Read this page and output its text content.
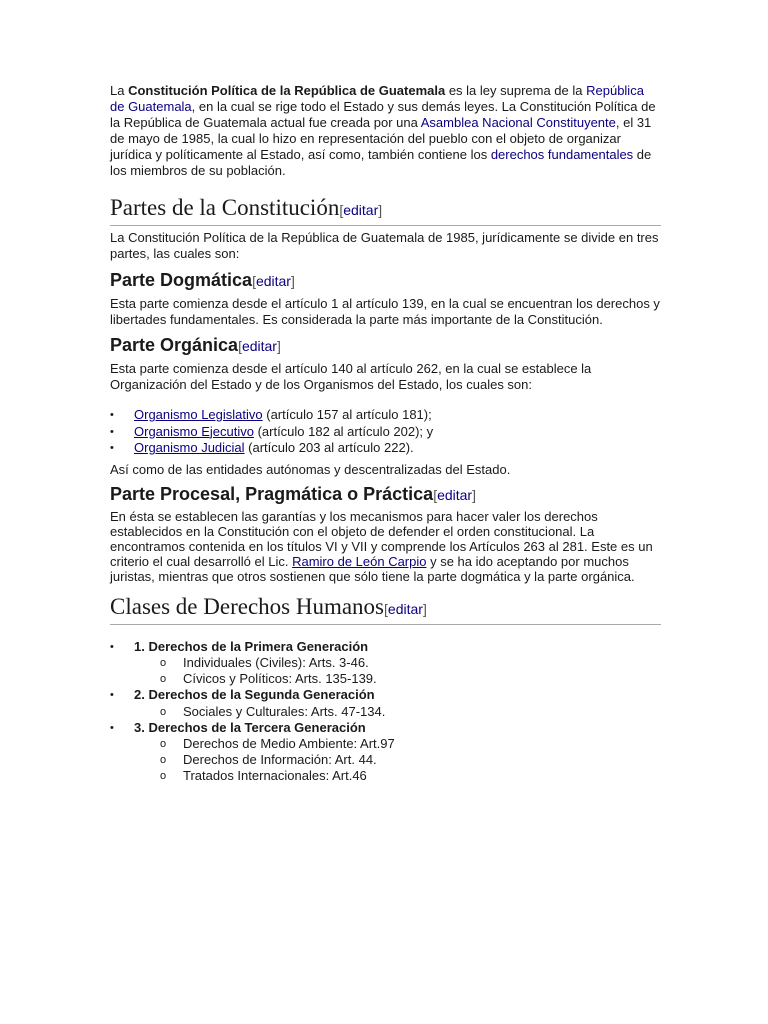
La Constitución Política de la República de Guatemala es la ley suprema de la República de Guatemala, en la cual se rige todo el Estado y sus demás leyes. La Constitución Política de la República de Guatemala actual fue creada por una Asamblea Nacional Constituyente, el 31 de mayo de 1985, la cual lo hizo en representación del pueblo con el objeto de organizar jurídica y políticamente al Estado, así como, también contiene los derechos fundamentales de los miembros de su población.

Partes de la Constitución[editar]

La Constitución Política de la República de Guatemala de 1985, jurídicamente se divide en tres partes, las cuales son:

Parte Dogmática[editar]

Esta parte comienza desde el artículo 1 al artículo 139, en la cual se encuentran los derechos y libertades fundamentales. Es considerada la parte más importante de la Constitución.

Parte Orgánica[editar]

Esta parte comienza desde el artículo 140 al artículo 262, en la cual se establece la Organización del Estado y de los Organismos del Estado, los cuales son:

• Organismo Legislativo (artículo 157 al artículo 181);
• Organismo Ejecutivo (artículo 182 al artículo 202); y
• Organismo Judicial (artículo 203 al artículo 222).

Así como de las entidades autónomas y descentralizadas del Estado.

Parte Procesal, Pragmática o Práctica[editar]

En ésta se establecen las garantías y los mecanismos para hacer valer los derechos establecidos en la Constitución con el objeto de defender el orden constitucional. La encontramos contenida en los títulos VI y VII y comprende los Artículos 263 al 281. Este es un criterio el cual desarrolló el Lic. Ramiro de León Carpio y se ha ido aceptando por muchos juristas, mientras que otros sostienen que sólo tiene la parte dogmática y la parte orgánica.

Clases de Derechos Humanos[editar]
• 1. Derechos de la Primera Generación
o Individuales (Civiles): Arts. 3-46.
o Cívicos y Políticos: Arts. 135-139.
• 2. Derechos de la Segunda Generación
o Sociales y Culturales: Arts. 47-134.
• 3. Derechos de la Tercera Generación
o Derechos de Medio Ambiente: Art.97
o Derechos de Información: Art. 44.
o Tratados Internacionales: Art.46
